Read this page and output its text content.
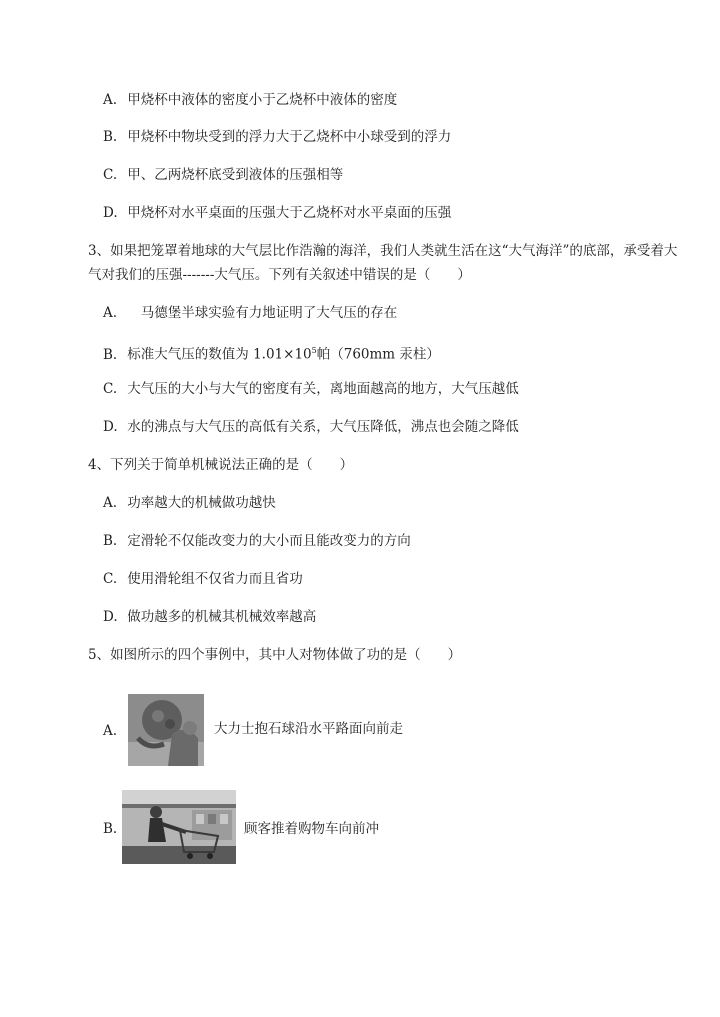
A. 甲烧杯中液体的密度小于乙烧杯中液体的密度
B. 甲烧杯中物块受到的浮力大于乙烧杯中小球受到的浮力
C. 甲、乙两烧杯底受到液体的压强相等
D. 甲烧杯对水平桌面的压强大于乙烧杯对水平桌面的压强
3、如果把笼罩着地球的大气层比作浩瀚的海洋，我们人类就生活在这“大气海洋”的底部，承受着大
气对我们的压强-------大气压。下列有关叙述中错误的是（　　）
A. 　马德堡半球实验有力地证明了大气压的存在
B. 标准大气压的数值为 $1.01\times 10^5$帕（760mm 汞柱）
C. 大气压的大小与大气的密度有关，离地面越高的地方，大气压越低
D. 水的沸点与大气压的高低有关系，大气压降低，沸点也会随之降低
4、下列关于简单机械说法正确的是（　　）
A. 功率越大的机械做功越快
B. 定滑轮不仅能改变力的大小而且能改变力的方向
C. 使用滑轮组不仅省力而且省功
D. 做功越多的机械其机械效率越高
5、如图所示的四个事例中，其中人对物体做了功的是（　　）
A.	大力士抱石球沿水平路面向前走
B.	顾客推着购物车向前冲
